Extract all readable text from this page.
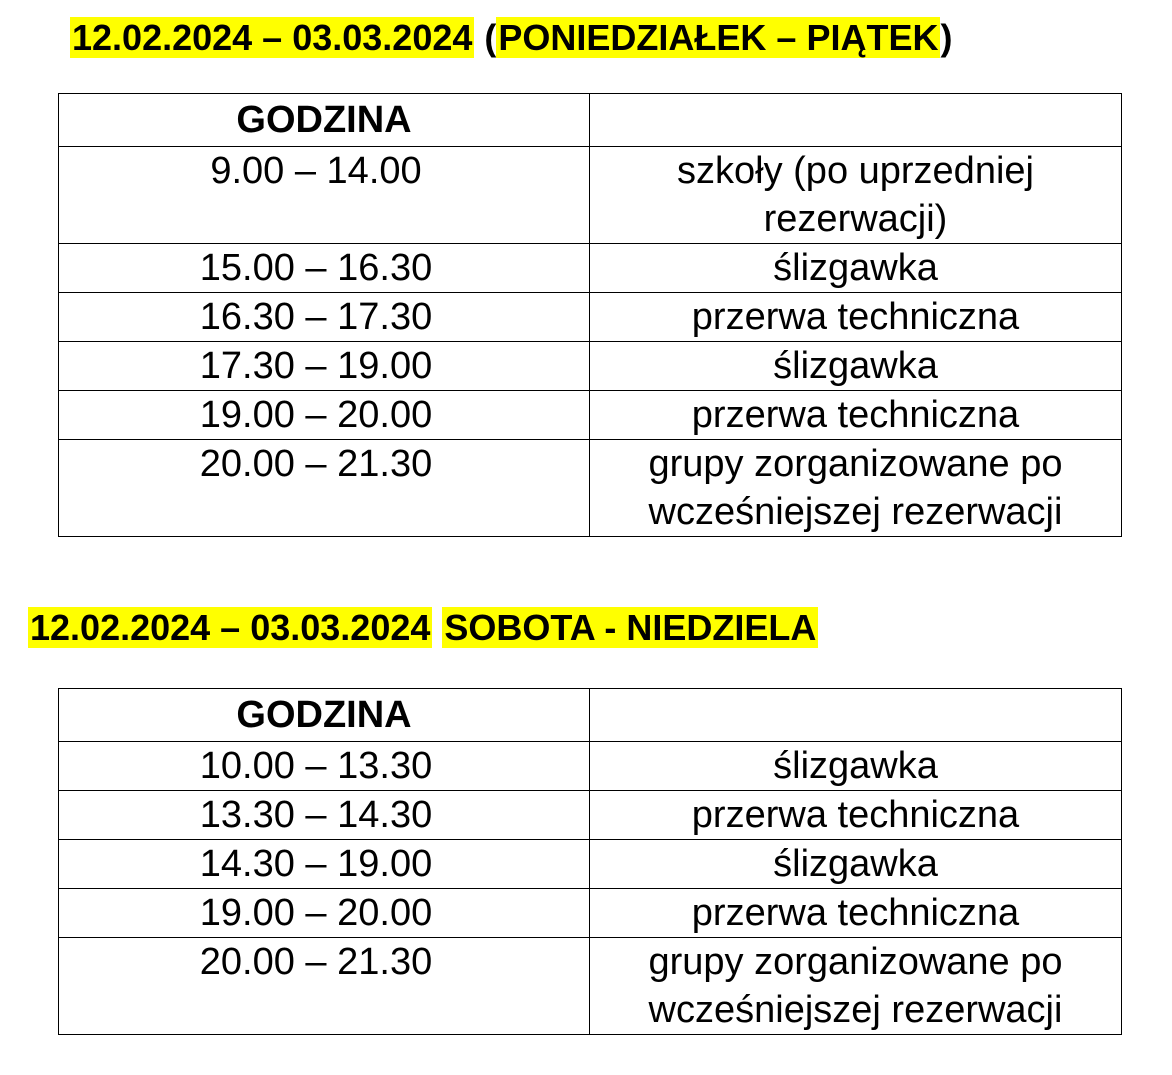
12.02.2024 – 03.03.2024 (PONIEDZIAŁEK – PIĄTEK)
GODZINA	
9.00 – 14.00	szkoły (po uprzedniej rezerwacji)
15.00 – 16.30	ślizgawka
16.30 – 17.30	przerwa techniczna
17.30 – 19.00	ślizgawka
19.00 – 20.00	przerwa techniczna
20.00 – 21.30	grupy zorganizowane po wcześniejszej rezerwacji
12.02.2024 – 03.03.2024 SOBOTA - NIEDZIELA
GODZINA	
10.00 – 13.30	ślizgawka
13.30 – 14.30	przerwa techniczna
14.30 – 19.00	ślizgawka
19.00 – 20.00	przerwa techniczna
20.00 – 21.30	grupy zorganizowane po wcześniejszej rezerwacji
